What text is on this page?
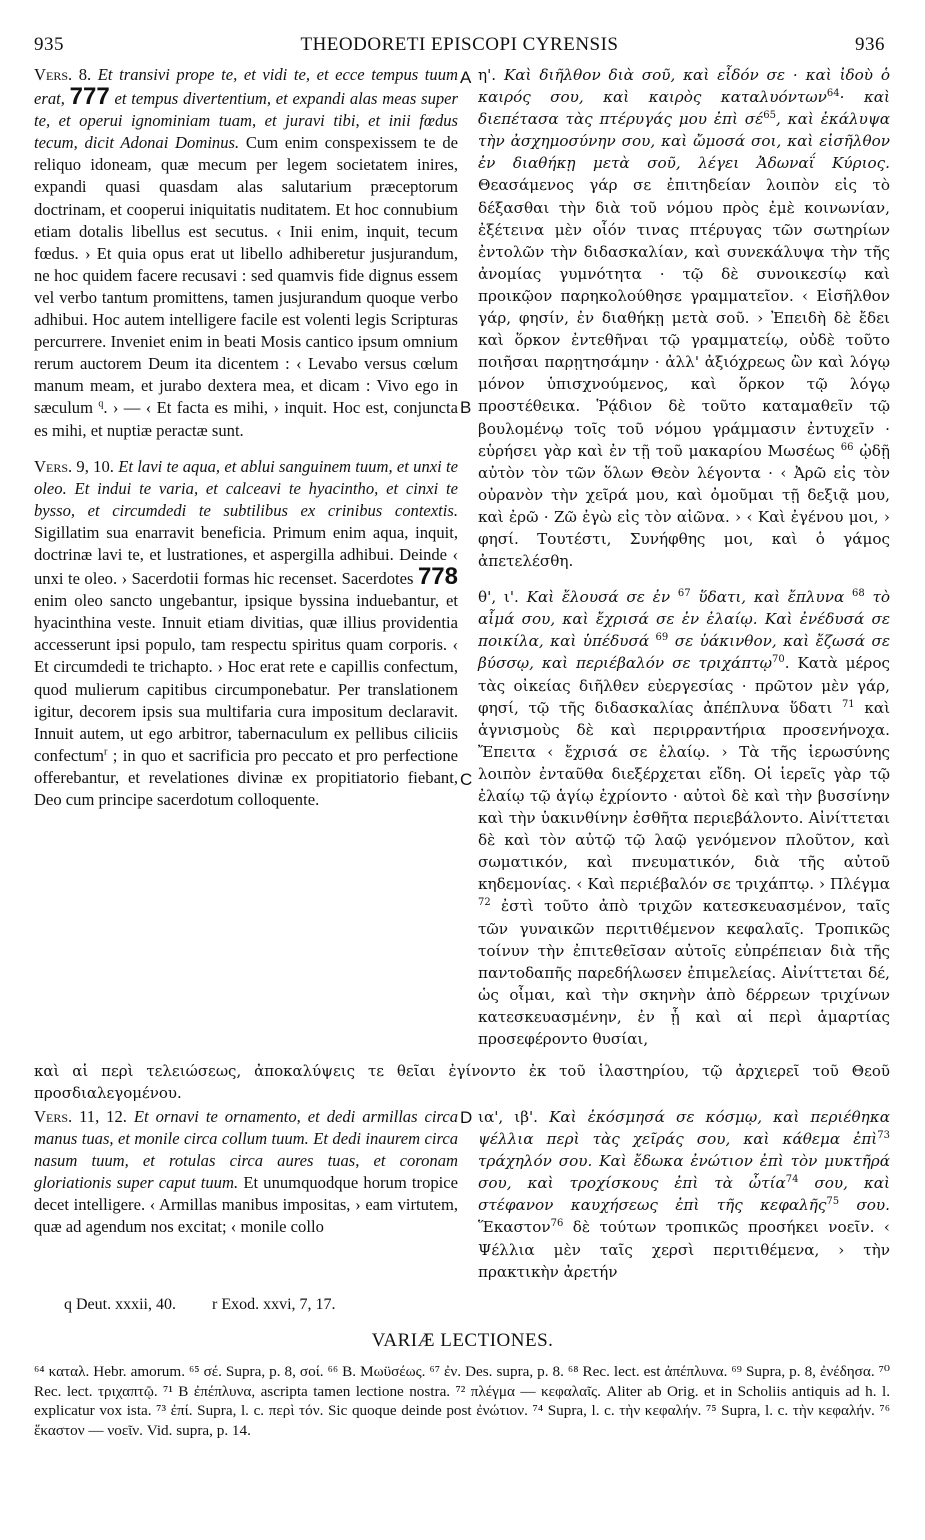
935	THEODORETI EPISCOPI CYRENSIS	936

Vers. 8. Et transivi prope te, et vidi te, et ecce tempus tuum erat, 777 et tempus divertentium, et expandi alas meas super te, et operui ignominiam tuam, et juravi tibi, et inii fœdus tecum, dicit Adonai Dominus. Cum enim conspexissem te de reliquo idoneam, quæ mecum per legem societatem inires, expandi quasi quasdam alas salutarium præceptorum doctrinam, et cooperui iniquitatis nuditatem. Et hoc connubium etiam dotalis libellus est secutus. ‹ Inii enim, inquit, tecum fœdus. › Et quia opus erat ut libello adhiberetur jusjurandum, ne hoc quidem facere recusavi : sed quamvis fide dignus essem vel verbo tantum promittens, tamen jusjurandum quoque verbo adhibui. Hoc autem intelligere facile est volenti legis Scripturas percurrere. Inveniet enim in beati Mosis cantico ipsum omnium rerum auctorem Deum ita dicentem : ‹ Levabo versus cœlum manum meam, et jurabo dextera mea, et dicam : Vivo ego in sæculum $^q$. › — ‹ Et facta es mihi, › inquit. Hoc est, conjuncta es mihi, et nuptiæ peractæ sunt.

Vers. 9, 10. Et lavi te aqua, et ablui sanguinem tuum, et unxi te oleo. Et indui te varia, et calceavi te hyacintho, et cinxi te bysso, et circumdedi te subtilibus ex crinibus contextis. Sigillatim sua enarravit beneficia. Primum enim aqua, inquit, doctrinæ lavi te, et lustrationes, et aspergilla adhibui. Deinde ‹ unxi te oleo. › Sacerdotii formas hic recenset. Sacerdotes 778 enim oleo sancto ungebantur, ipsique byssina induebantur, et hyacinthina veste. Innuit etiam divitias, quæ illius providentia accesserunt ipsi populo, tam respectu spiritus quam corporis. ‹ Et circumdedi te trichapto. › Hoc erat rete e capillis confectum, quod mulierum capitibus circumponebatur. Per translationem igitur, decorem ipsis sua multifaria cura impositum declaravit. Innuit autem, ut ego arbitror, tabernaculum ex pellibus ciliciis confectum$^r$ ; in quo et sacrificia pro peccato et pro perfectione offerebantur, et revelationes divinæ ex propitiatorio fiebant, Deo cum principe sacerdotum colloquente.

Vers. 11, 12. Et ornavi te ornamento, et dedi armillas circa manus tuas, et monile circa collum tuum. Et dedi inaurem circa nasum tuum, et rotulas circa aures tuas, et coronam gloriationis super caput tuum. Et unumquodque horum tropice decet intelligere. ‹ Armillas manibus impositas, › eam virtutem, quæ ad agendum nos excitat; ‹ monile collo

A
B
C
D

η'. Καὶ διῆλθον διὰ σοῦ, καὶ εἶδόν σε · καὶ ἰδοὺ ὁ καιρός σου, καὶ καιρὸς καταλυόντων$^{64}$· καὶ διεπέτασα τὰς πτέρυγάς μου ἐπὶ $\sigma έ^{65}$, καὶ ἐκάλυψα τὴν ἀσχημοσύνην σου, καὶ ὤμοσά σοι, καὶ εἰσῆλθον ἐν διαθήκῃ μετὰ σοῦ, λέγει Ἀδωναΐ Κύριος. Θεασάμενος γάρ σε ἐπιτηδείαν λοιπὸν εἰς τὸ δέξασθαι τὴν διὰ τοῦ νόμου πρὸς ἐμὲ κοινωνίαν, ἐξέτεινα μὲν οἷόν τινας πτέρυγας τῶν σωτηρίων ἐντολῶν τὴν διδασκαλίαν, καὶ συνεκάλυψα τὴν τῆς ἀνομίας γυμνότητα · τῷ δὲ συνοικεσίῳ καὶ προικῷον παρηκολούθησε γραμματεῖον. ‹ Εἰσῆλθον γάρ, φησίν, ἐν διαθήκῃ μετὰ σοῦ. › Ἐπειδὴ δὲ ἔδει καὶ ὅρκον ἐντεθῆναι τῷ γραμματείῳ, οὐδὲ τοῦτο ποιῆσαι παρῃτησάμην · ἀλλ' ἀξιόχρεως ὢν καὶ λόγῳ μόνον ὑπισχνούμενος, καὶ ὅρκον τῷ λόγῳ προστέθεικα. Ῥᾴδιον δὲ τοῦτο καταμαθεῖν τῷ βουλομένῳ τοῖς τοῦ νόμου γράμμασιν ἐντυχεῖν · εὑρήσει γὰρ καὶ ἐν τῇ τοῦ μακαρίου Μωσέως $^{66}$ ᾠδῇ αὐτὸν τὸν τῶν ὅλων Θεὸν λέγοντα · ‹ Ἀρῶ εἰς τὸν οὐρανὸν τὴν χεῖρά μου, καὶ ὀμοῦμαι τῇ δεξιᾷ μου, καὶ ἐρῶ · Ζῶ ἐγὼ εἰς τὸν αἰῶνα. › ‹ Καὶ ἐγένου μοι, › φησί. Τουτέστι, Συνήφθης μοι, καὶ ὁ γάμος ἀπετελέσθη.

θ', ι'. Καὶ ἔλουσά σε ἐν $^{67}$ ὕδατι, καὶ ἔπλυνα $^{68}$ τὸ αἷμά σου, καὶ ἔχρισά σε ἐν ἐλαίῳ. Καὶ ἐνέδυσά σε ποικίλα, καὶ ὑπέδυσά $^{69}$ σε ὑάκινθον, καὶ ἔζωσά σε βύσσῳ, καὶ περιέβαλόν σε τριχάπτῳ$^{70}$. Κατὰ μέρος τὰς οἰκείας διῆλθεν εὐεργεσίας · πρῶτον μὲν γάρ, φησί, τῷ τῆς διδασκαλίας ἀπέπλυνα ὕδατι $^{71}$ καὶ ἁγνισμοὺς δὲ καὶ περιρραντήρια προσενήνοχα. Ἔπειτα ‹ ἔχρισά σε ἐλαίῳ. › Τὰ τῆς ἱερωσύνης λοιπὸν ἐνταῦθα διεξέρχεται εἴδη. Οἱ ἱερεῖς γὰρ τῷ ἐλαίῳ τῷ ἁγίῳ ἐχρίοντο · αὐτοὶ δὲ καὶ τὴν βυσσίνην καὶ τὴν ὑακινθίνην ἐσθῆτα περιεβάλοντο. Αἰνίττεται δὲ καὶ τὸν αὐτῷ τῷ λαῷ γενόμενον πλοῦτον, καὶ σωματικόν, καὶ πνευματικόν, διὰ τῆς αὐτοῦ κηδεμονίας. ‹ Καὶ περιέβαλόν σε τριχάπτῳ. › Πλέγμα $^{72}$ ἐστὶ τοῦτο ἀπὸ τριχῶν κατεσκευασμένον, ταῖς τῶν γυναικῶν περιτιθέμενον κεφαλαῖς. Τροπικῶς τοίνυν τὴν ἐπιτεθεῖσαν αὐτοῖς εὐπρέπειαν διὰ τῆς παντοδαπῆς παρεδήλωσεν ἐπιμελείας. Αἰνίττεται δέ, ὡς οἶμαι, καὶ τὴν σκηνὴν ἀπὸ δέρρεων τριχίνων κατεσκευασμένην, ἐν ᾗ καὶ αἱ περὶ ἁμαρτίας προσεφέροντο θυσίαι,

καὶ αἱ περὶ τελειώσεως, ἀποκαλύψεις τε θεῖαι ἐγίνοντο ἐκ τοῦ ἱλαστηρίου, τῷ ἀρχιερεῖ τοῦ Θεοῦ προσδιαλεγομένου.

ια', ιβ'. Καὶ ἐκόσμησά σε κόσμῳ, καὶ περιέθηκα ψέλλια περὶ τὰς χεῖράς σου, καὶ κάθεμα ἐπὶ$^{73}$ τράχηλόν σου. Καὶ ἔδωκα ἐνώτιον ἐπὶ τὸν μυκτῆρά σου, καὶ τροχίσκους ἐπὶ τὰ ὦτία$^{74}$ σου, καὶ στέφανον καυχήσεως ἐπὶ τῆς κεφαλῆς$^{75}$ σου. Ἕκαστον$^{76}$ δὲ τούτων τροπικῶς προσήκει νοεῖν. ‹ Ψέλλια μὲν ταῖς χερσὶ περιτιθέμενα, › τὴν πρακτικὴν ἀρετήν

q Deut. xxxii, 40. r Exod. xxvi, 7, 17.
VARIÆ LECTIONES.

⁶⁴ καταλ. Hebr. amorum. ⁶⁵ σέ. Supra, p. 8, σοί. ⁶⁶ B. Μωϋσέως. ⁶⁷ ἐν. Des. supra, p. 8. ⁶⁸ Rec. lect. est ἀπέπλυνα. ⁶⁹ Supra, p. 8, ἐνέδησα. ⁷⁰ Rec. lect. τριχαπτῷ. ⁷¹ B ἐπέπλυνα, ascripta tamen lectione nostra. ⁷² πλέγμα — κεφαλαῖς. Aliter ab Orig. et in Scholiis antiquis ad h. l. explicatur vox ista. ⁷³ ἐπί. Supra, l. c. περὶ τόν. Sic quoque deinde post ἐνώτιον. ⁷⁴ Supra, l. c. τὴν κεφαλήν. ⁷⁵ Supra, l. c. τὴν κεφαλήν. ⁷⁶ ἕκαστον — νοεῖν. Vid. supra, p. 14.
